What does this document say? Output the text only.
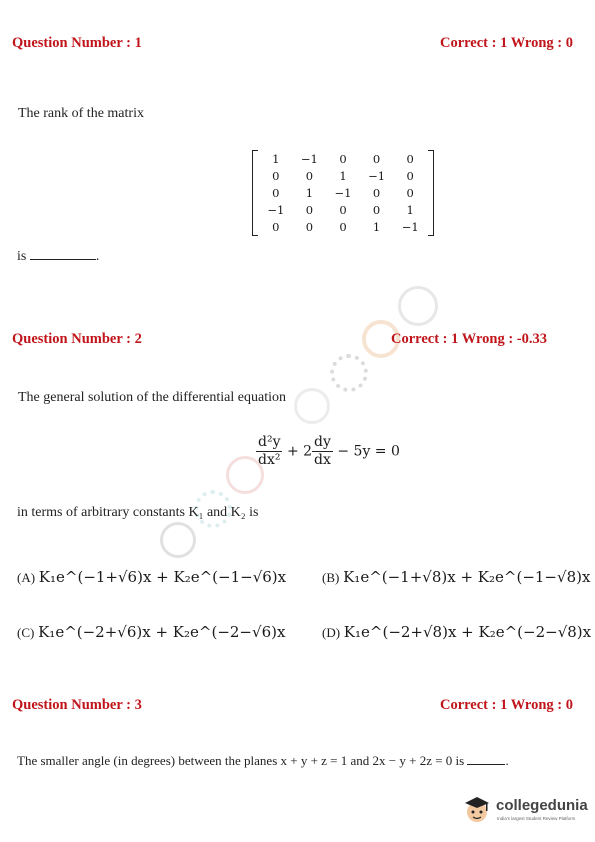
Question Number : 1	Correct : 1 Wrong : 0
The rank of the matrix
1	−1	0	0	0
0	0	1	−1	0
0	1	−1	0	0
−1	0	0	0	1
0	0	0	1	−1
is	.
Question Number : 2	Correct : 1 Wrong : -0.33
The general solution of the differential equation
$\frac{\text{d²y}}{\text{dx²}} + 2 \frac{dy}{dx} - 5y = 0$
in terms of arbitrary constants K₁ and K₂ is
(A) K₁e^(−1+√6)x + K₂e^(−1−√6)x	(B) K₁e^(−1+√8)x + K₂e^(−1−√8)x
(C) K₁e^(−2+√6)x + K₂e^(−2−√6)x	(D) K₁e^(−2+√8)x + K₂e^(−2−√8)x
Question Number : 3	Correct : 1 Wrong : 0
The smaller angle (in degrees) between the planes x + y + z = 1 and 2x − y + 2z = 0 is	.
collegedunia
India's largest Student Review Platform
